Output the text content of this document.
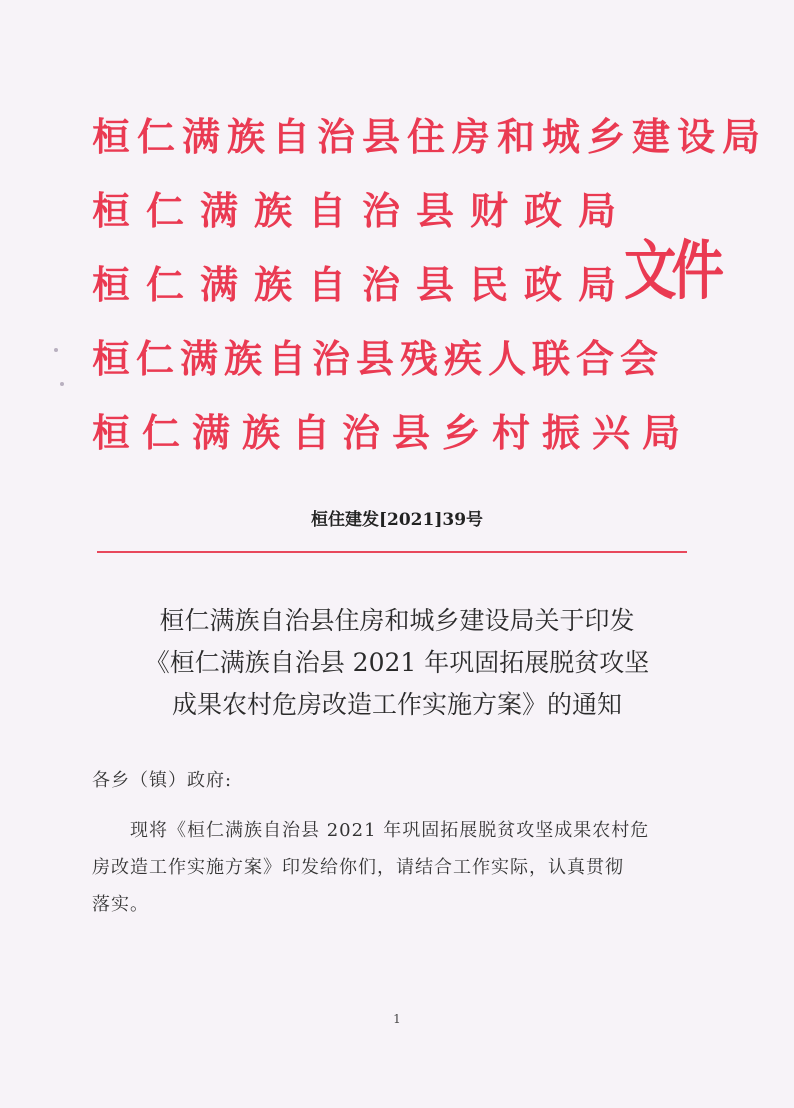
桓仁满族自治县住房和城乡建设局
桓仁满族自治县财政局
桓仁满族自治县民政局
桓仁满族自治县残疾人联合会
桓仁满族自治县乡村振兴局
文件
桓住建发[2021]39号
桓仁满族自治县住房和城乡建设局关于印发
《桓仁满族自治县 2021 年巩固拓展脱贫攻坚
成果农村危房改造工作实施方案》的通知
各乡（镇）政府:
现将《桓仁满族自治县 2021 年巩固拓展脱贫攻坚成果农村危
房改造工作实施方案》印发给你们，请结合工作实际，认真贯彻
落实。
1
